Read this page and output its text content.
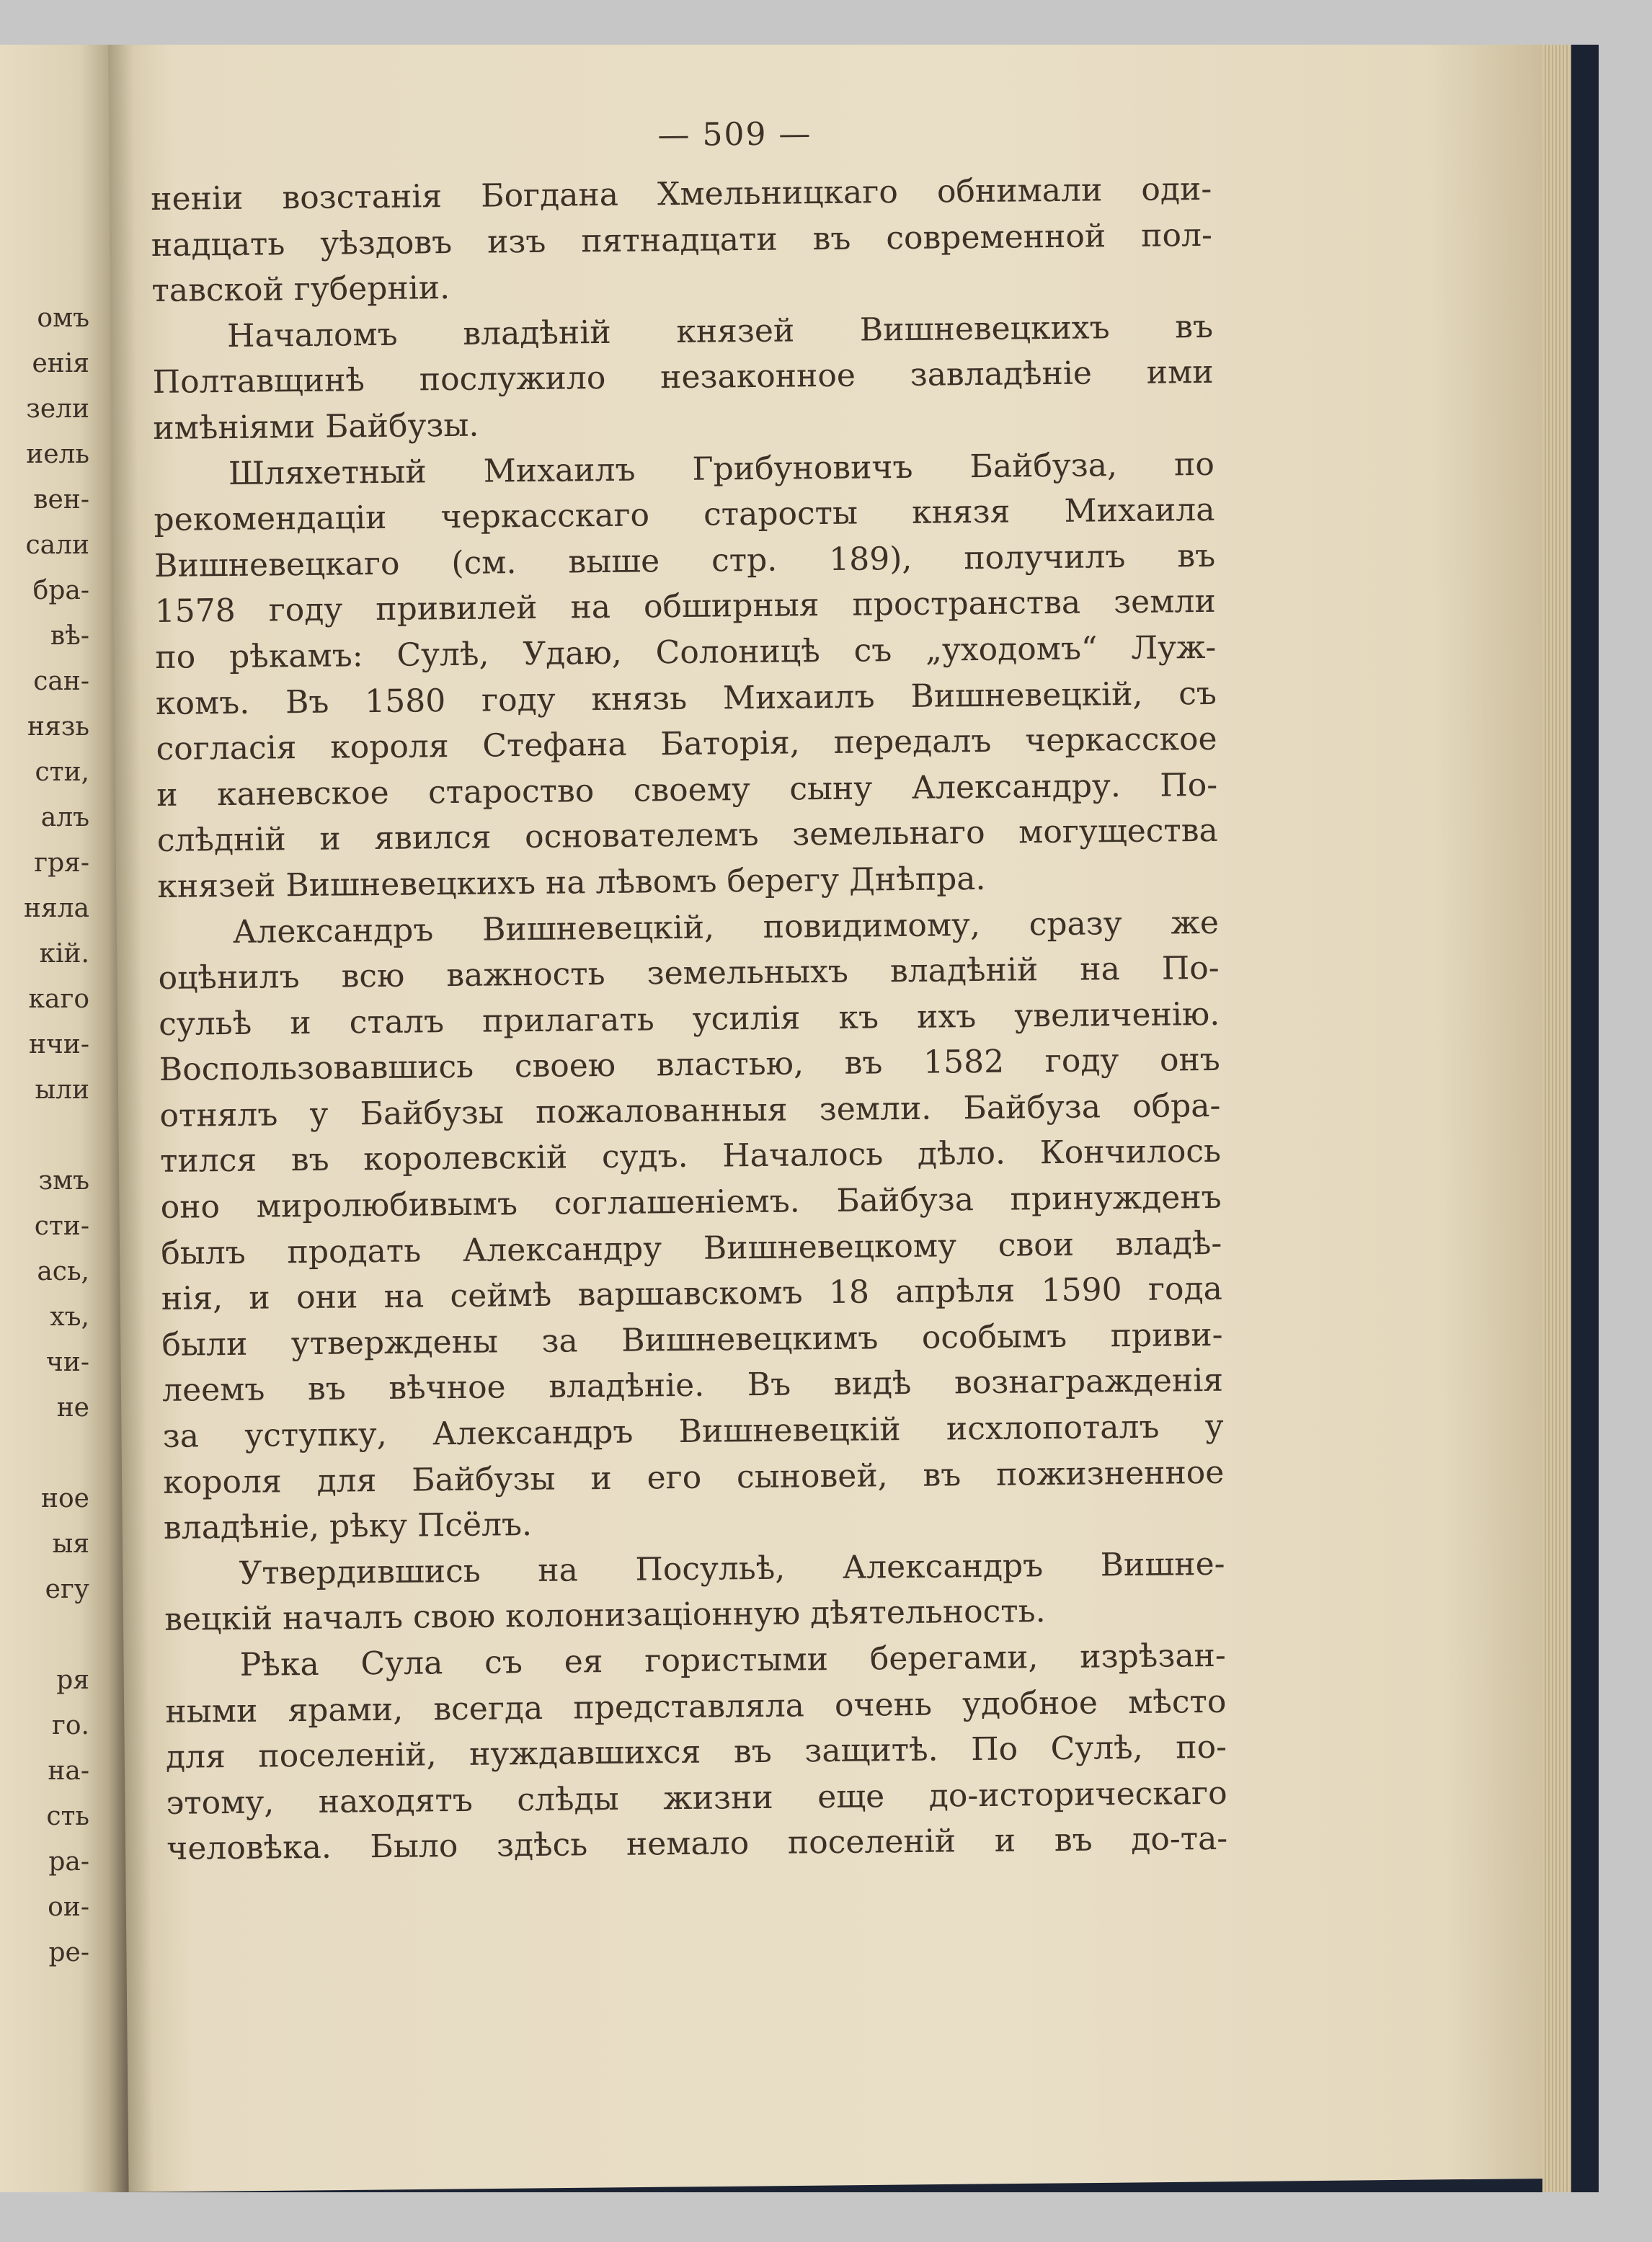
омъ
енія
зели
иель
вен-
сали
бра-
вѣ-
сан-
нязь
сти,
алъ
гря-
няла
кій.
каго
нчи-
ыли
змъ
сти-
ась,
хъ,
чи-
не
ное
ыя
егу
ря
го.
на-
сть
ра-
ои-
ре-
— 509 —
неніи возстанія Богдана Хмельницкаго обнимали оди-
надцать уѣздовъ изъ пятнадцати въ современной пол-
тавской губерніи.
Началомъ владѣній князей Вишневецкихъ въ
Полтавщинѣ послужило незаконное завладѣніе ими
имѣніями Байбузы.
Шляхетный Михаилъ Грибуновичъ Байбуза, по
рекомендаціи черкасскаго старосты князя Михаила
Вишневецкаго (см. выше стр. 189), получилъ въ
1578 году привилей на обширныя пространства земли
по рѣкамъ: Сулѣ, Удаю, Солоницѣ съ „уходомъ“ Луж-
комъ. Въ 1580 году князь Михаилъ Вишневецкій, съ
согласія короля Стефана Баторія, передалъ черкасское
и каневское староство своему сыну Александру. По-
слѣдній и явился основателемъ земельнаго могущества
князей Вишневецкихъ на лѣвомъ берегу Днѣпра.
Александръ Вишневецкій, повидимому, сразу же
оцѣнилъ всю важность земельныхъ владѣній на По-
сульѣ и сталъ прилагать усилія къ ихъ увеличенію.
Воспользовавшись своею властью, въ 1582 году онъ
отнялъ у Байбузы пожалованныя земли. Байбуза обра-
тился въ королевскій судъ. Началось дѣло. Кончилось
оно миролюбивымъ соглашеніемъ. Байбуза принужденъ
былъ продать Александру Вишневецкому свои владѣ-
нія, и они на сеймѣ варшавскомъ 18 апрѣля 1590 года
были утверждены за Вишневецкимъ особымъ приви-
леемъ въ вѣчное владѣніе. Въ видѣ вознагражденія
за уступку, Александръ Вишневецкій исхлопоталъ у
короля для Байбузы и его сыновей, въ пожизненное
владѣніе, рѣку Псёлъ.
Утвердившись на Посульѣ, Александръ Вишне-
вецкій началъ свою колонизаціонную дѣятельность.
Рѣка Сула съ ея гористыми берегами, изрѣзан-
ными ярами, всегда представляла очень удобное мѣсто
для поселеній, нуждавшихся въ защитѣ. По Сулѣ, по-
этому, находятъ слѣды жизни еще до-историческаго
человѣка. Было здѣсь немало поселеній и въ до-та-
